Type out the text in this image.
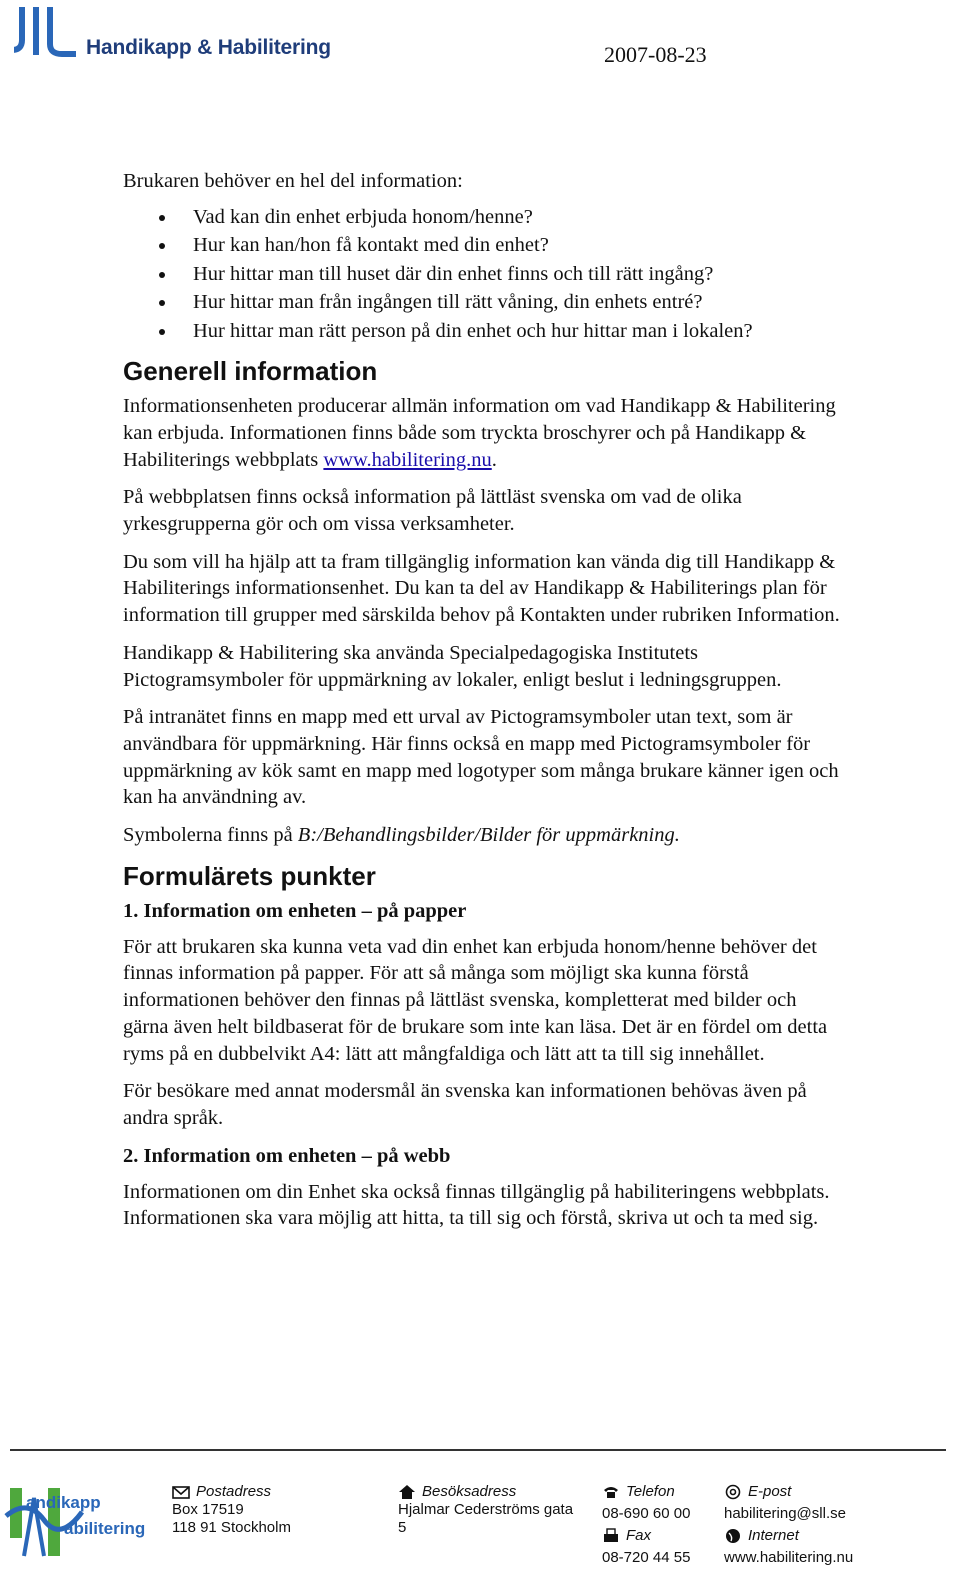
Handikapp & Habilitering	2007-08-23

Brukaren behöver en hel del information:

Vad kan din enhet erbjuda honom/henne?
Hur kan han/hon få kontakt med din enhet?
Hur hittar man till huset där din enhet finns och till rätt ingång?
Hur hittar man från ingången till rätt våning, din enhets entré?
Hur hittar man rätt person på din enhet och hur hittar man i lokalen?
Generell information

Informationsenheten producerar allmän information om vad Handikapp & Habilitering kan erbjuda. Informationen finns både som tryckta broschyrer och på Handikapp & Habiliterings webbplats www.habilitering.nu.

På webbplatsen finns också information på lättläst svenska om vad de olika yrkesgrupperna gör och om vissa verksamheter.

Du som vill ha hjälp att ta fram tillgänglig information kan vända dig till Handikapp & Habiliterings informationsenhet. Du kan ta del av Handikapp & Habiliterings plan för information till grupper med särskilda behov på Kontakten under rubriken Information.

Handikapp & Habilitering ska använda Specialpedagogiska Institutets Pictogramsymboler för uppmärkning av lokaler, enligt beslut i ledningsgruppen.

På intranätet finns en mapp med ett urval av Pictogramsymboler utan text, som är användbara för uppmärkning. Här finns också en mapp med Pictogramsymboler för uppmärkning av kök samt en mapp med logotyper som många brukare känner igen och kan ha användning av.

Symbolerna finns på B:/Behandlingsbilder/Bilder för uppmärkning.

Formulärets punkter
1. Information om enheten – på papper

För att brukaren ska kunna veta vad din enhet kan erbjuda honom/henne behöver det finnas information på papper. För att så många som möjligt ska kunna förstå informationen behöver den finnas på lättläst svenska, kompletterat med bilder och gärna även helt bildbaserat för de brukare som inte kan läsa. Det är en fördel om detta ryms på en dubbelvikt A4: lätt att mångfaldiga och lätt att ta till sig innehållet.

För besökare med annat modersmål än svenska kan informationen behövas även på andra språk.

2. Information om enheten – på webb

Informationen om din Enhet ska också finnas tillgänglig på habiliteringens webbplats. Informationen ska vara möjlig att hitta, ta till sig och förstå, skriva ut och ta med sig.

andikapp
abilitering
Postadress
Box 17519
118 91 Stockholm
Besöksadress
Hjalmar Cederströms gata
5
Telefon
08-690 60 00
Fax
08-720 44 55
E-post
habilitering@sll.se
Internet
www.habilitering.nu
